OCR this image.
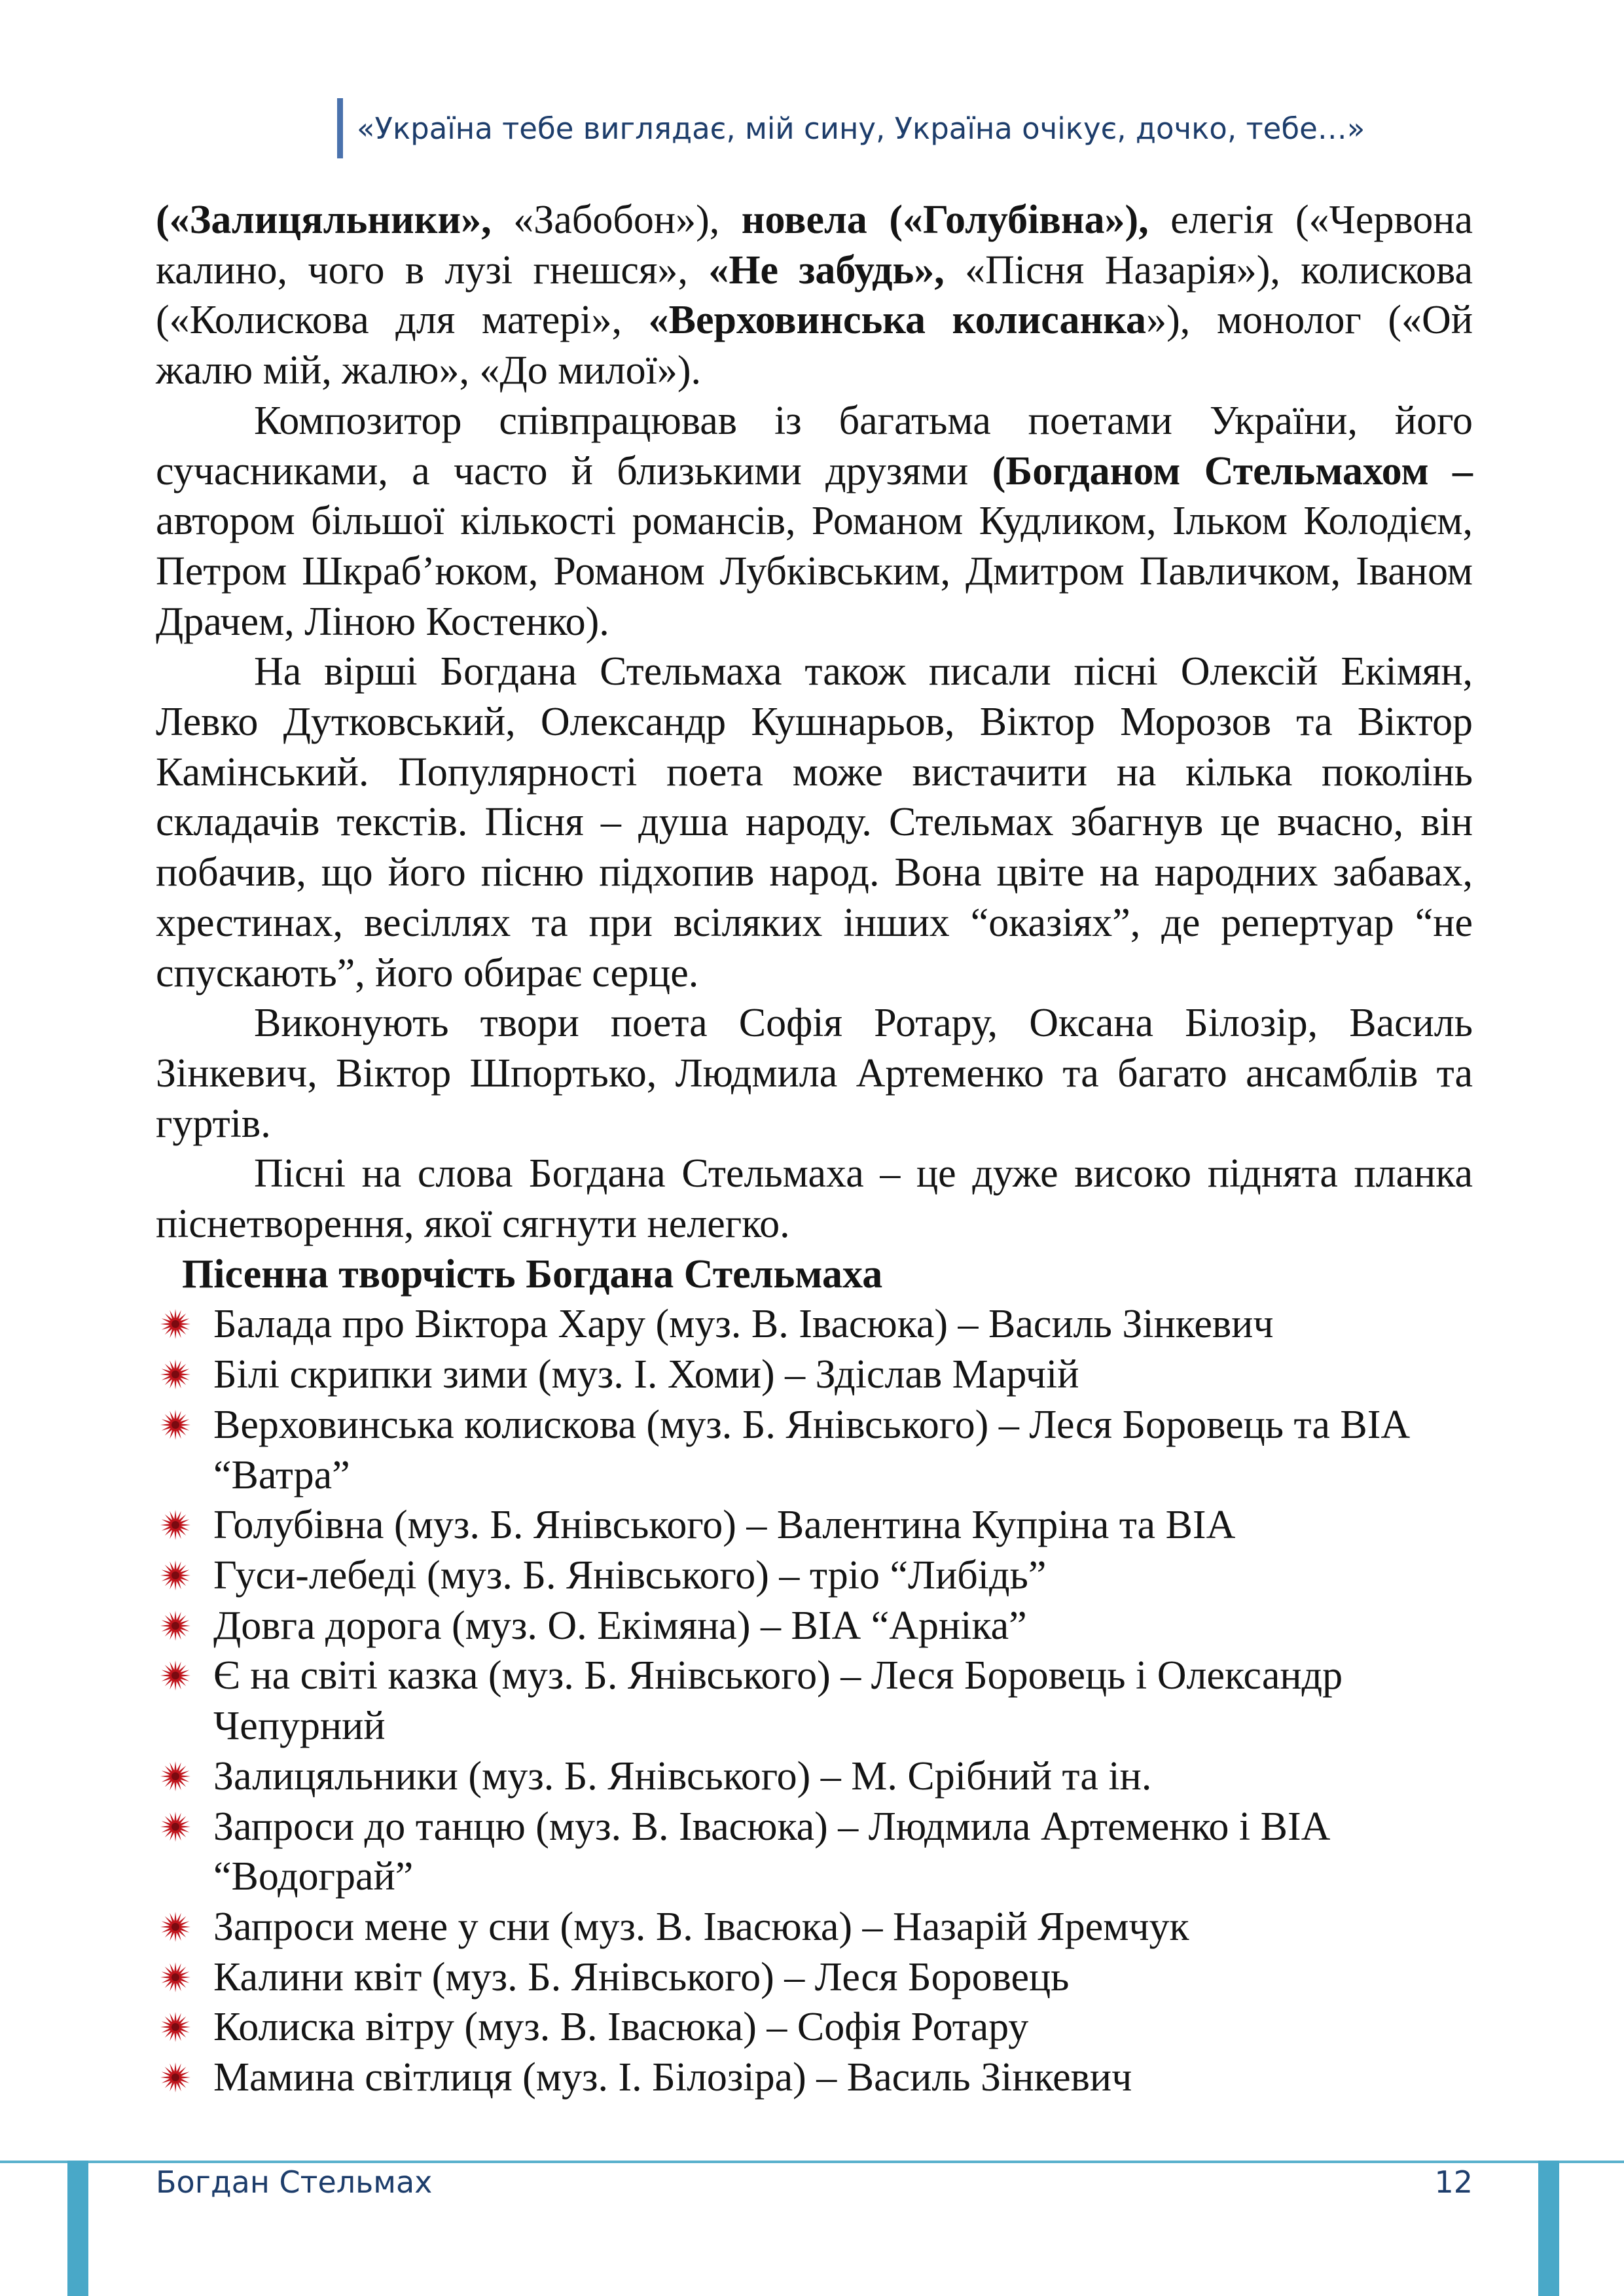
«Україна тебе виглядає, мій сину, Україна очікує, дочко, тебе…»

(«Залицяльники», «Забобон»), новела («Голубівна»), елегія («Червона калино, чого в лузі гнешся», «Не забудь», «Пісня Назарія»), колискова («Колискова для матері», «Верховинська колисанка»), монолог («Ой жалю мій, жалю», «До милої»).

Композитор співпрацював із багатьма поетами України, його сучасниками, а часто й близькими друзями (Богданом Стельмахом – автором більшої кількості романсів, Романом Кудликом, Ільком Колодієм, Петром Шкраб’юком, Романом Лубківським, Дмитром Павличком, Іваном Драчем, Ліною Костенко).

На вірші Богдана Стельмаха також писали пісні Олексій Екімян, Левко Дутковський, Олександр Кушнарьов, Віктор Морозов та Віктор Камінський. Популярності поета може вистачити на кілька поколінь складачів текстів. Пісня – душа народу. Стельмах збагнув це вчасно, він побачив, що його пісню підхопив народ. Вона цвіте на народних забавах, хрестинах, весіллях та при всіляких інших “оказіях”, де репертуар “не спускають”, його обирає серце.

Виконують твори поета Софія Ротару, Оксана Білозір, Василь Зінкевич, Віктор Шпортько, Людмила Артеменко та багато ансамблів та гуртів.

Пісні на слова Богдана Стельмаха – це дуже високо піднята планка піснетворення, якої сягнути нелегко.

Пісенна творчість Богдана Стельмаха

Балада про Віктора Хару (муз. В. Івасюка) – Василь Зінкевич
Білі скрипки зими (муз. І. Хоми) – Здіслав Марчій
Верховинська колискова (муз. Б. Янівського) – Леся Боровець та ВІА “Ватра”
Голубівна (муз. Б. Янівського) – Валентина Купріна та ВІА
Гуси-лебеді (муз. Б. Янівського) – тріо “Либідь”
Довга дорога (муз. О. Екімяна) – ВІА “Арніка”
Є на світі казка (муз. Б. Янівського) – Леся Боровець і Олександр Чепурний
Залицяльники (муз. Б. Янівського) – М. Срібний та ін.
Запроси до танцю (муз. В. Івасюка) – Людмила Артеменко і ВІА “Водограй”
Запроси мене у сни (муз. В. Івасюка) – Назарій Яремчук
Калини квіт (муз. Б. Янівського) – Леся Боровець
Колиска вітру (муз. В. Івасюка) – Софія Ротару
Мамина світлиця (муз. І. Білозіра) – Василь Зінкевич
Богдан Стельмах	12
